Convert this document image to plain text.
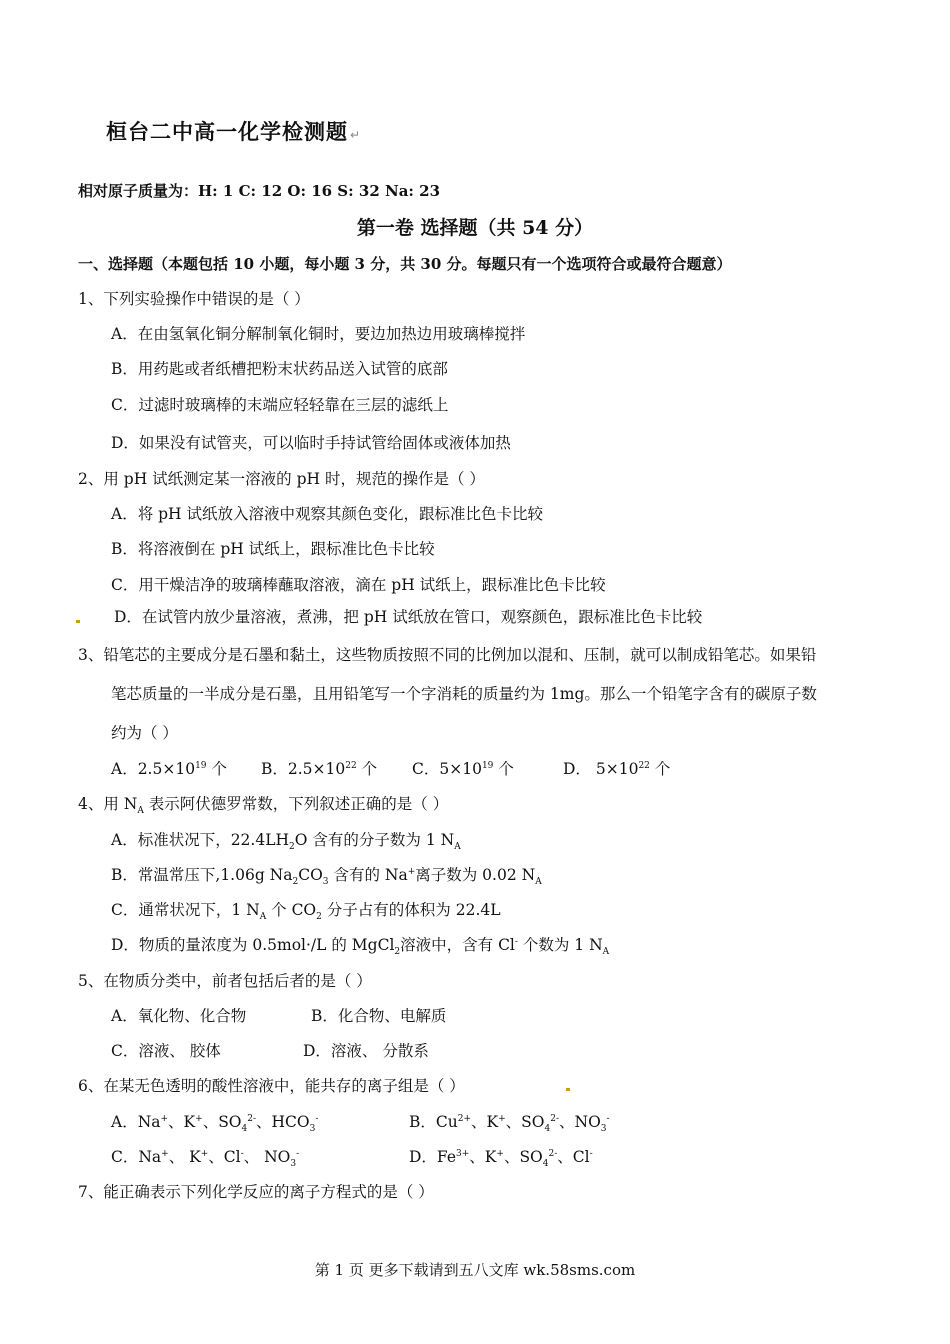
桓台二中高一化学检测题 ↵
相对原子质量为：H: 1 C: 12 O: 16 S: 32 Na: 23
第一卷 选择题（共 54 分）
一、选择题（本题包括 10 小题，每小题 3 分，共 30 分。每题只有一个选项符合或最符合题意）
1、下列实验操作中错误的是（ ）
A．在由氢氧化铜分解制氧化铜时，要边加热边用玻璃棒搅拌
B．用药匙或者纸槽把粉末状药品送入试管的底部
C．过滤时玻璃棒的末端应轻轻靠在三层的滤纸上
D．如果没有试管夹，可以临时手持试管给固体或液体加热
2、用 pH 试纸测定某一溶液的 pH 时，规范的操作是（ ）
A．将 pH 试纸放入溶液中观察其颜色变化，跟标准比色卡比较
B．将溶液倒在 pH 试纸上，跟标准比色卡比较
C．用干燥洁净的玻璃棒蘸取溶液，滴在 pH 试纸上，跟标准比色卡比较
D．在试管内放少量溶液，煮沸，把 pH 试纸放在管口，观察颜色，跟标准比色卡比较
3、铅笔芯的主要成分是石墨和黏土，这些物质按照不同的比例加以混和、压制，就可以制成铅笔芯。如果铅
笔芯质量的一半成分是石墨，且用铅笔写一个字消耗的质量约为 1mg。那么一个铅笔字含有的碳原子数
约为（ ）
A．$2.5\times 10^{19}$ 个 B．$2.5\times 10^{22}$ 个 C．$5\times 10^{19}$ 个	D． $5\times 10^{22}$ 个
4、用 $N_A$ 表示阿伏德罗常数，下列叙述正确的是（ ）
A．标准状况下，$22.4LH_2O$ 含有的分子数为 1 $N_A$
B．常温常压下,1.06g $Na_2CO_3$ 含有的 Na+离子数为 0.02 $N_A$
C．通常状况下，1 $N_A$ 个 $CO_2$ 分子占有的体积为 22.4L
D．物质的量浓度为 0.5mol·/L 的 MgCl$_2$溶液中，含有 Cl- 个数为 1 $N_A$
5、在物质分类中，前者包括后者的是（ ）
A．氧化物、化合物	B．化合物、电解质
C．溶液、 胶体	D．溶液、 分散系
6、在某无色透明的酸性溶液中，能共存的离子组是（ ）
A．Na+、K+、$SO_4^{2-}$、$HCO_3^-$	B．$Cu^{2+}$、K+、$SO_4^{2-}$、$NO_3^-$
C．Na+、 K+、Cl-、 $NO_3^-$	D．$Fe^{3+}$、K+、$SO_4^{2-}$、Cl-
7、能正确表示下列化学反应的离子方程式的是（ ）
第 1 页 更多下载请到五八文库 wk.58sms.com
